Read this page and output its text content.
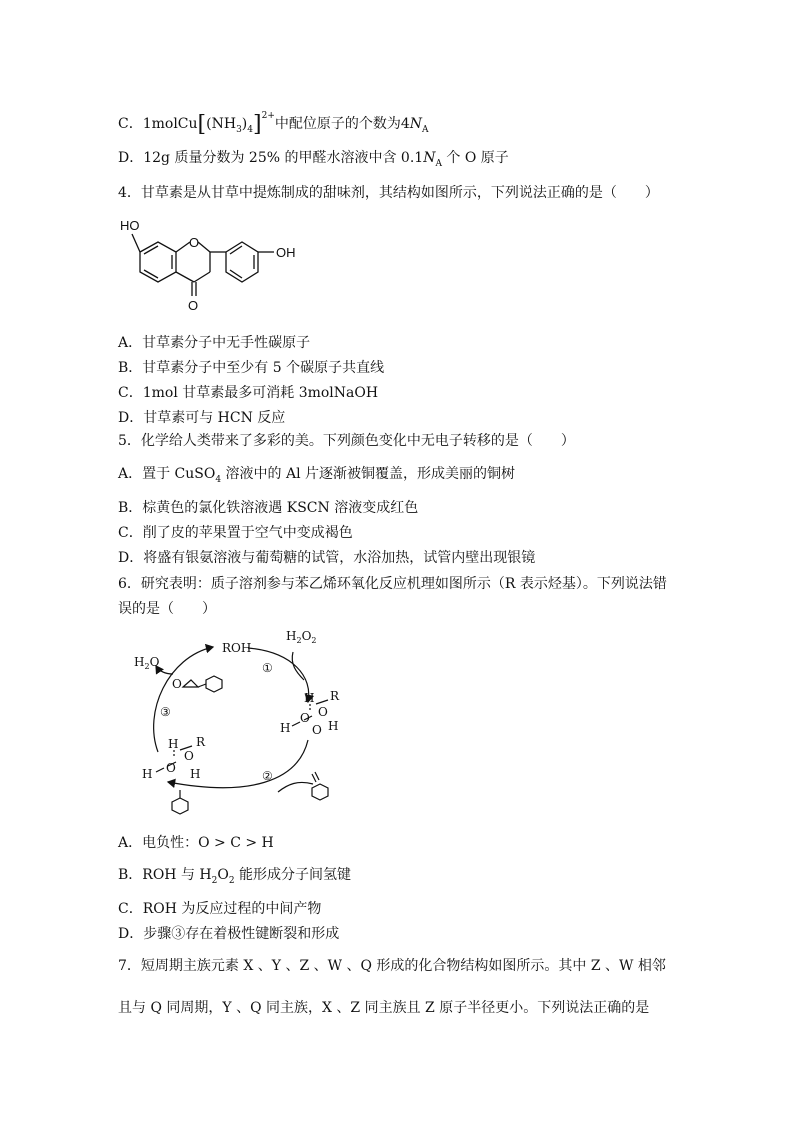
C．$1molCu[(NH_3)_4]^{2+}$中配位原子的个数为$4N_A$
D．12g 质量分数为 25% 的甲醛水溶液中含 $0.1N_A$ 个 O 原子
4．甘草素是从甘草中提炼制成的甜味剂，其结构如图所示，下列说法正确的是（　　）
HO
O
O
OH
A．甘草素分子中无手性碳原子
B．甘草素分子中至少有 5 个碳原子共直线
C．1mol 甘草素最多可消耗 3molNaOH
D．甘草素可与 HCN 反应
5．化学给人类带来了多彩的美。下列颜色变化中无电子转移的是（　　）
A．置于 CuSO$_4$ 溶液中的 Al 片逐渐被铜覆盖，形成美丽的铜树
B．棕黄色的氯化铁溶液遇 KSCN 溶液变成红色
C．削了皮的苹果置于空气中变成褐色
D．将盛有银氨溶液与葡萄糖的试管，水浴加热，试管内壁出现银镜
6．研究表明：质子溶剂参与苯乙烯环氧化反应机理如图所示（R 表示烃基）。下列说法错
误的是（　　）
ROH
$H_2O_2$
$H_2O$	①
②
③
H
O
R
O
O H
H
H
O
R
H O H
O
A．电负性：O > C > H
B．ROH 与 $H_2O_2$ 能形成分子间氢键
C．ROH 为反应过程的中间产物
D．步骤③存在着极性键断裂和形成
7．短周期主族元素 X 、Y 、Z 、W 、Q 形成的化合物结构如图所示。其中 Z 、W 相邻
且与 Q 同周期，Y 、Q 同主族，X 、Z 同主族且 Z 原子半径更小。下列说法正确的是
